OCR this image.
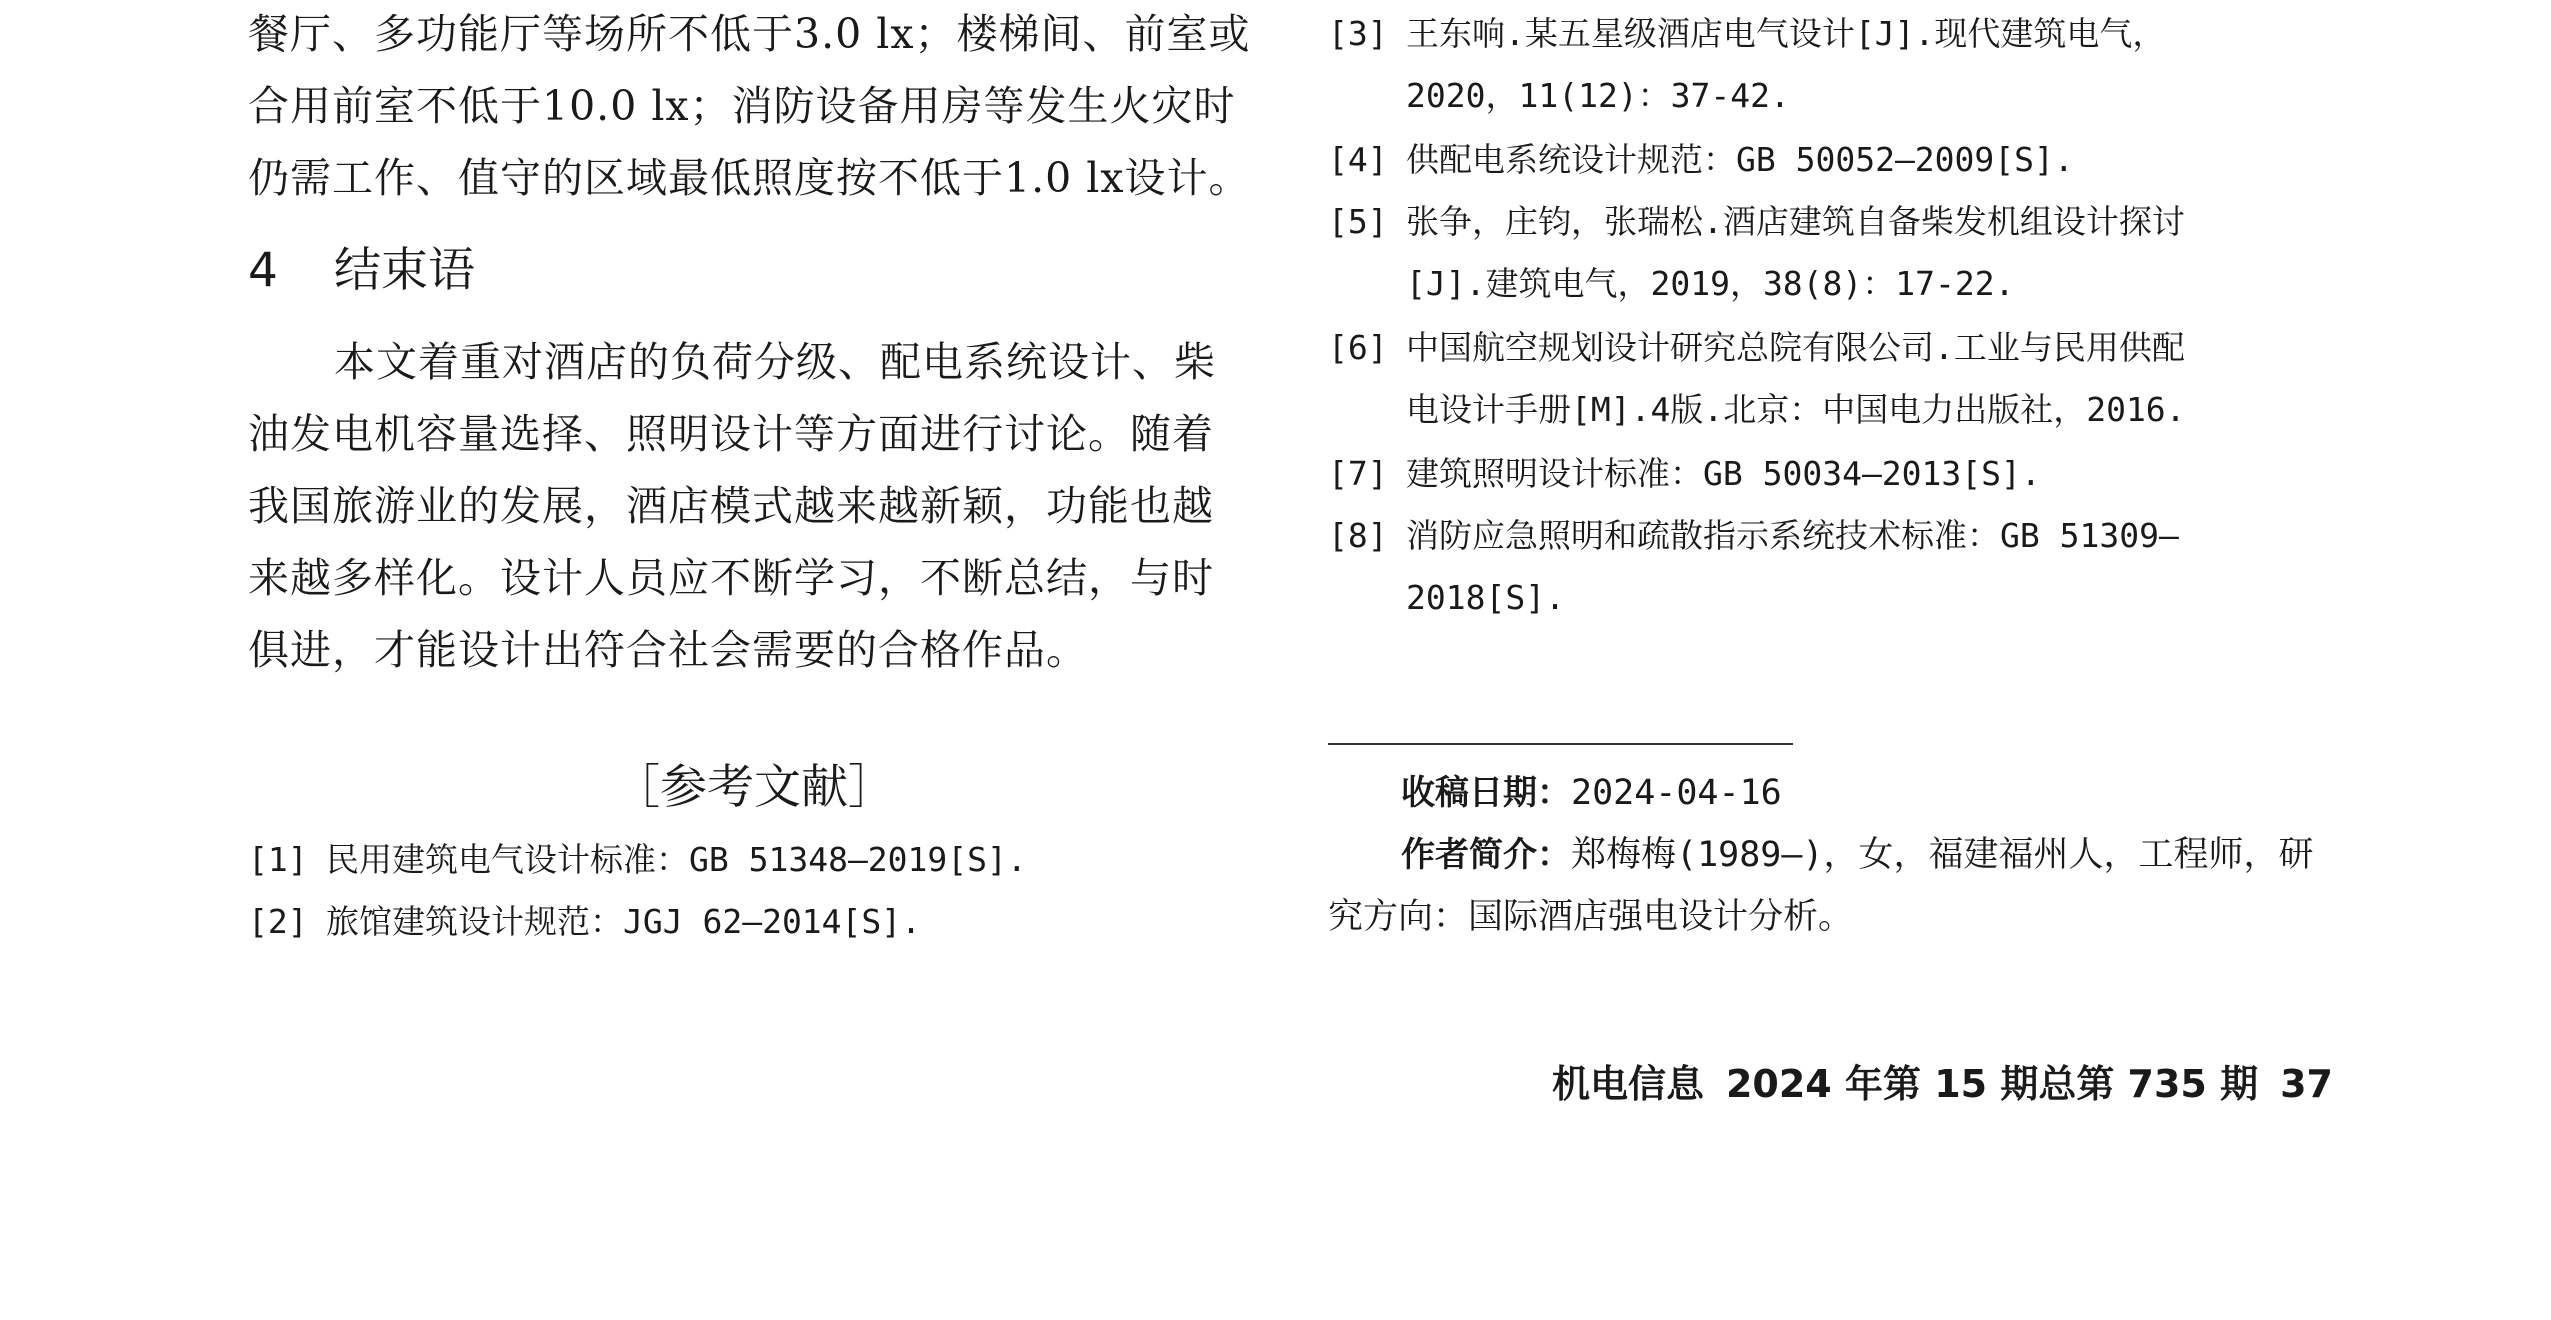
餐厅、多功能厅等场所不低于3.0 lx；楼梯间、前室或
合用前室不低于10.0 lx；消防设备用房等发生火灾时
仍需工作、值守的区域最低照度按不低于1.0 lx设计。
4 结束语
本文着重对酒店的负荷分级、配电系统设计、柴
油发电机容量选择、照明设计等方面进行讨论。随着
我国旅游业的发展，酒店模式越来越新颖，功能也越
来越多样化。设计人员应不断学习，不断总结，与时
俱进，才能设计出符合社会需要的合格作品。
［参考文献］
[1] 民用建筑电气设计标准：GB 51348—2019[S].
[2] 旅馆建筑设计规范：JGJ 62—2014[S].
[3] 王东响.某五星级酒店电气设计[J].现代建筑电气，
2020，11(12)：37-42.
[4] 供配电系统设计规范：GB 50052—2009[S].
[5] 张争，庄钧，张瑞松.酒店建筑自备柴发机组设计探讨
[J].建筑电气，2019，38(8)：17-22.
[6] 中国航空规划设计研究总院有限公司.工业与民用供配
电设计手册[M].4版.北京：中国电力出版社，2016.
[7] 建筑照明设计标准：GB 50034—2013[S].
[8] 消防应急照明和疏散指示系统技术标准：GB 51309—
2018[S].
收稿日期：2024-04-16
作者简介：郑梅梅(1989—)，女，福建福州人，工程师，研
究方向：国际酒店强电设计分析。
机电信息 2024 年第 15 期总第 735 期 37
